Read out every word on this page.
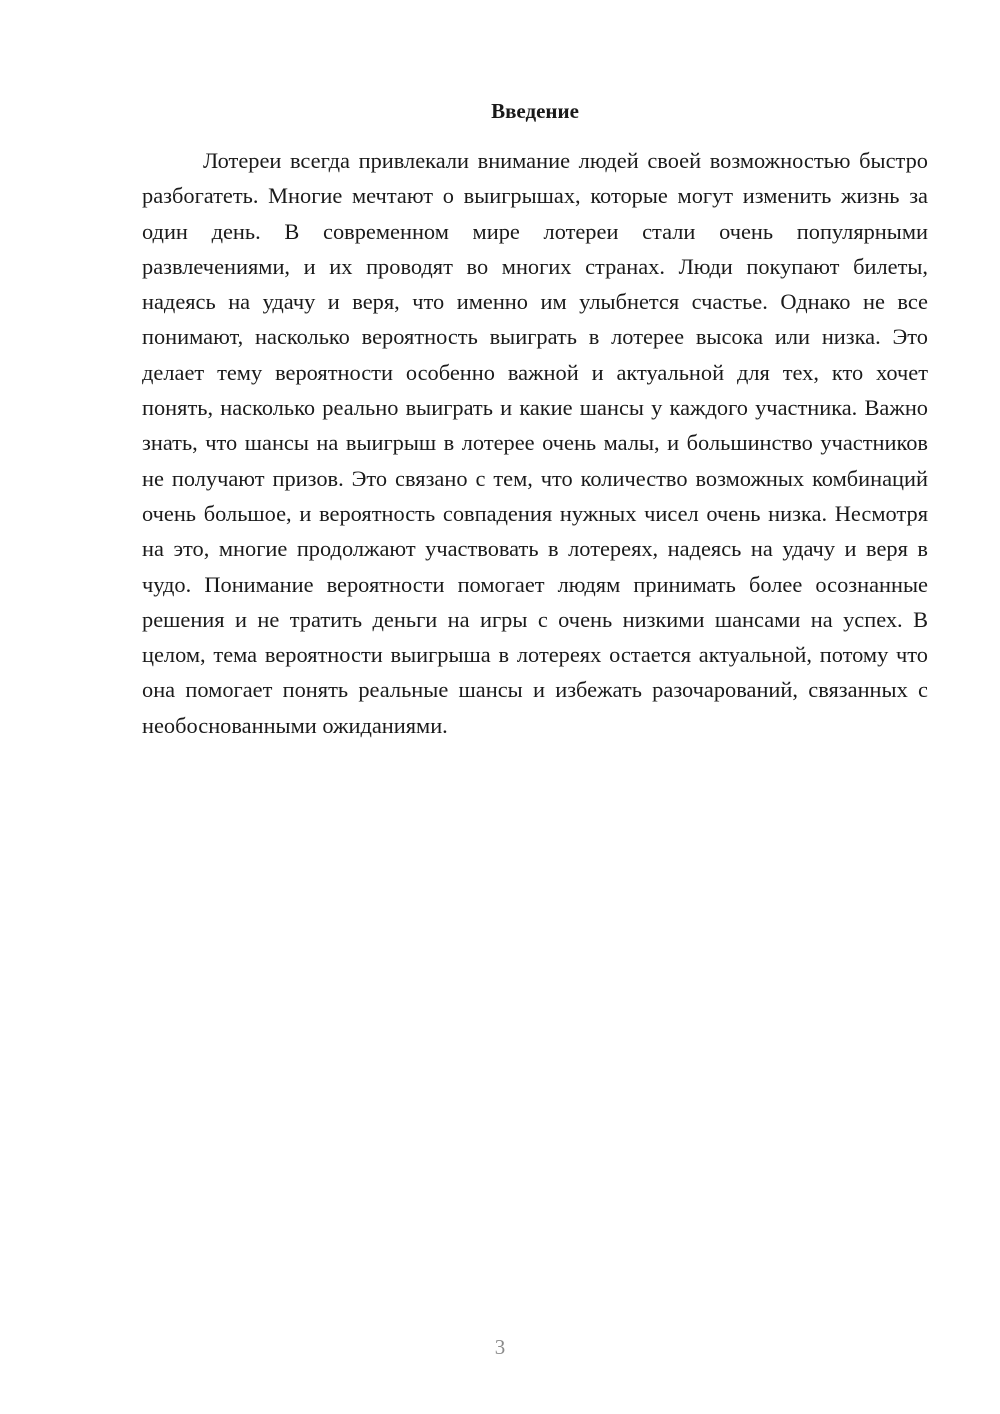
Введение

Лотереи всегда привлекали внимание людей своей возможностью быстро разбогатеть. Многие мечтают о выигрышах, которые могут изменить жизнь за один день. В современном мире лотереи стали очень популярными развлечениями, и их проводят во многих странах. Люди покупают билеты, надеясь на удачу и веря, что именно им улыбнется счастье. Однако не все понимают, насколько вероятность выиграть в лотерее высока или низка. Это делает тему вероятности особенно важной и актуальной для тех, кто хочет понять, насколько реально выиграть и какие шансы у каждого участника. Важно знать, что шансы на выигрыш в лотерее очень малы, и большинство участников не получают призов. Это связано с тем, что количество возможных комбинаций очень большое, и вероятность совпадения нужных чисел очень низка. Несмотря на это, многие продолжают участвовать в лотереях, надеясь на удачу и веря в чудо. Понимание вероятности помогает людям принимать более осознанные решения и не тратить деньги на игры с очень низкими шансами на успех. В целом, тема вероятности выигрыша в лотереях остается актуальной, потому что она помогает понять реальные шансы и избежать разочарований, связанных с необоснованными ожиданиями.

3
